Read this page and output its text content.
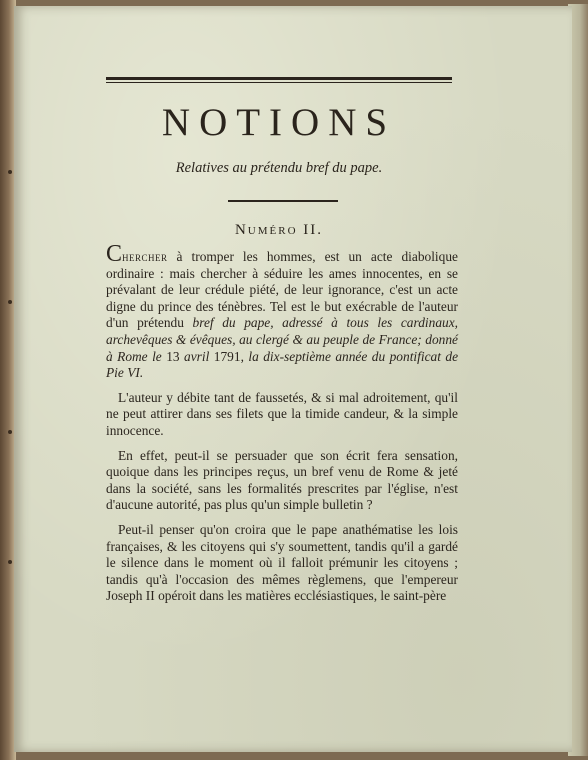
NOTIONS
Relatives au prétendu bref du pape.
Numéro II.

Chercher à tromper les hommes, est un acte diabolique ordinaire : mais chercher à séduire les ames innocentes, en se prévalant de leur crédule piété, de leur ignorance, c'est un acte digne du prince des ténèbres. Tel est le but exécrable de l'auteur d'un prétendu bref du pape, adressé à tous les cardinaux, archevêques & évêques, au clergé & au peuple de France; donné à Rome le 13 avril 1791, la dix-septième année du pontificat de Pie VI.

L'auteur y débite tant de faussetés, & si mal adroitement, qu'il ne peut attirer dans ses filets que la timide candeur, & la simple innocence.

En effet, peut-il se persuader que son écrit fera sensation, quoique dans les principes reçus, un bref venu de Rome & jeté dans la société, sans les formalités prescrites par l'église, n'est d'aucune autorité, pas plus qu'un simple bulletin ?

Peut-il penser qu'on croira que le pape anathématise les lois françaises, & les citoyens qui s'y soumettent, tandis qu'il a gardé le silence dans le moment où il falloit prémunir les citoyens ; tandis qu'à l'occasion des mêmes règlemens, que l'empereur Joseph II opéroit dans les matières ecclésiastiques, le saint-père
